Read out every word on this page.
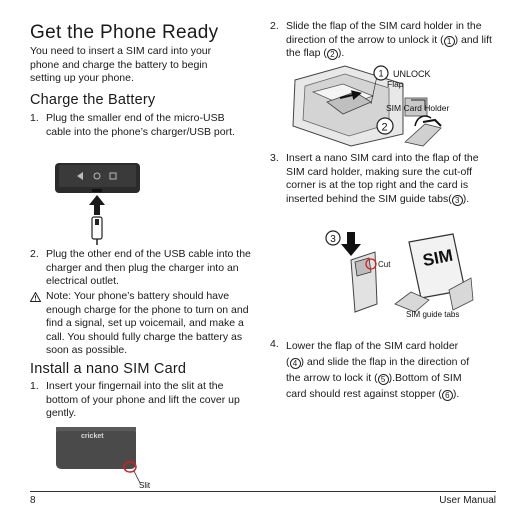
Get the Phone Ready
You need to insert a SIM card into your phone and charge the battery to begin setting up your phone.
Charge the Battery
1. Plug the smaller end of the micro-USB cable into the phone’s charger/USB port.
2. Plug the other end of the USB cable into the charger and then plug the charger into an electrical outlet.
Note: Your phone’s battery should have enough charge for the phone to turn on and find a signal, set up voicemail, and make a call. You should fully charge the battery as soon as possible.
Install a nano SIM Card
1. Insert your fingernail into the slit at the bottom of your phone and lift the cover up gently.
cricket
Slit
2. Slide the flap of the SIM card holder in the direction of the arrow to unlock it ( 1 ) and lift the flap ( 2 ).
1 UNLOCK
Flap
SIM Card Holder
2
3. Insert a nano SIM card into the flap of the SIM card holder, making sure the cut-off corner is at the top right and the card is inserted behind the SIM guide tabs( 3 ).
3
Cut SIM
SIM guide tabs
4. Lower the flap of the SIM card holder
( 4 ) and slide the flap in the direction of
the arrow to lock it ( 5 ).Bottom of SIM
card should rest against stopper ( 6 ).
8	User Manual
